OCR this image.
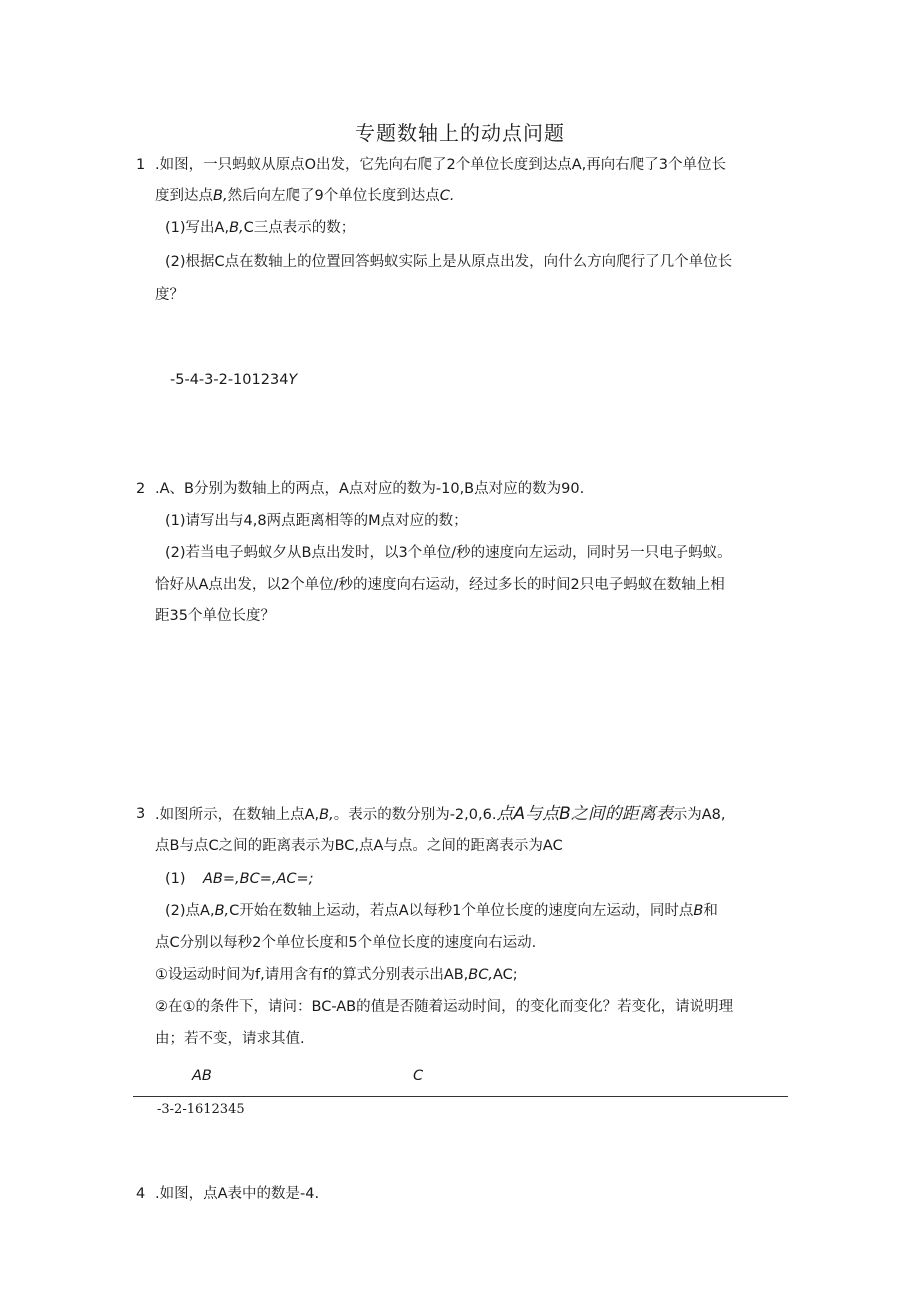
专题数轴上的动点问题
1 .如图，一只蚂蚁从原点O出发，它先向右爬了2个单位长度到达点A,再向右爬了3个单位长
度到达点B,然后向左爬了9个单位长度到达点C.
(1)写出A,B,C三点表示的数；
(2)根据C点在数轴上的位置回答蚂蚁实际上是从原点出发，向什么方向爬行了几个单位长
度？
-5-4-3-2-101234Y
2 .A、B分别为数轴上的两点，A点对应的数为-10,B点对应的数为90.
(1)请写出与4,8两点距离相等的M点对应的数；
(2)若当电子蚂蚁夕从B点出发时，以3个单位/秒的速度向左运动，同时另一只电子蚂蚁。
恰好从A点出发，以2个单位/秒的速度向右运动，经过多长的时间2只电子蚂蚁在数轴上相
距35个单位长度？
3 .如图所示，在数轴上点A,B,。表示的数分别为-2,0,6.点A与点B之间的距离表示为A8,
点B与点C之间的距离表示为BC,点A与点。之间的距离表示为AC
(1) AB=,BC=,AC=;
(2)点A,B,C开始在数轴上运动，若点A以每秒1个单位长度的速度向左运动，同时点B和
点C分别以每秒2个单位长度和5个单位长度的速度向右运动.
①设运动时间为f,请用含有f的算式分别表示出AB,BC,AC;
②在①的条件下，请问：BC-AB的值是否随着运动时间，的变化而变化？若变化，请说明理
由；若不变，请求其值.
AB	C
-3-2-1612345
4 .如图，点A表中的数是-4.
